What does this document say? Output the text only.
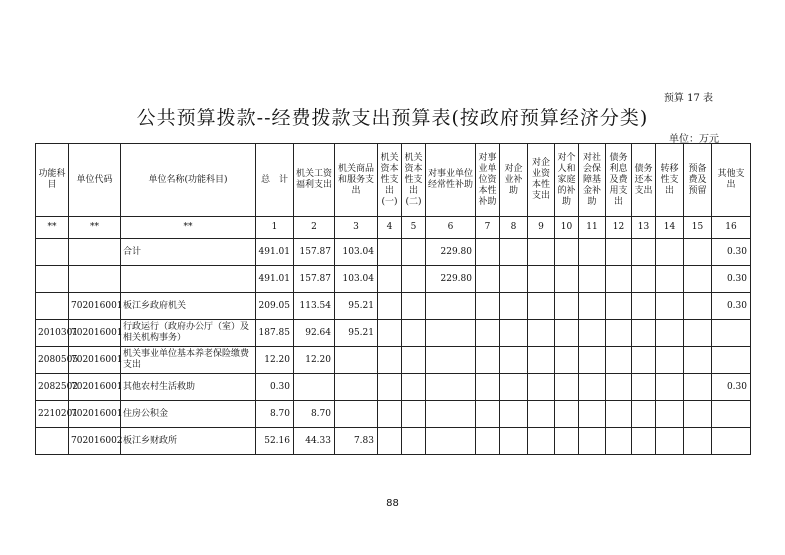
预算 17 表
公共预算拨款--经费拨款支出预算表(按政府预算经济分类)
单位：万元
功能科目	单位代码	单位名称(功能科目)	总　计	机关工资福利支出	机关商品和服务支出	机关资本性支出(一)	机关资本性支出(二)	对事业单位经常性补助	对事业单位资本性补助	对企业补助	对企业资本性支出	对个人和家庭的补助	对社会保障基金补助	债务利息及费用支出	债务还本支出	转移性支出	预备费及预留	其他支出
**	**	**	1	2	3	4	5	6	7	8	9	10	11	12	13	14	15	16
		合计	491.01	157.87	103.04			229.80										0.30
			491.01	157.87	103.04			229.80										0.30
	702016001	板江乡政府机关	209.05	113.54	95.21													0.30
2010301	702016001	行政运行（政府办公厅（室）及相关机构事务）	187.85	92.64	95.21													
2080505	702016001	机关事业单位基本养老保险缴费支出	12.20	12.20														
2082502	702016001	其他农村生活救助	0.30															0.30
2210201	702016001	住房公积金	8.70	8.70														
	702016002	板江乡财政所	52.16	44.33	7.83													
88
